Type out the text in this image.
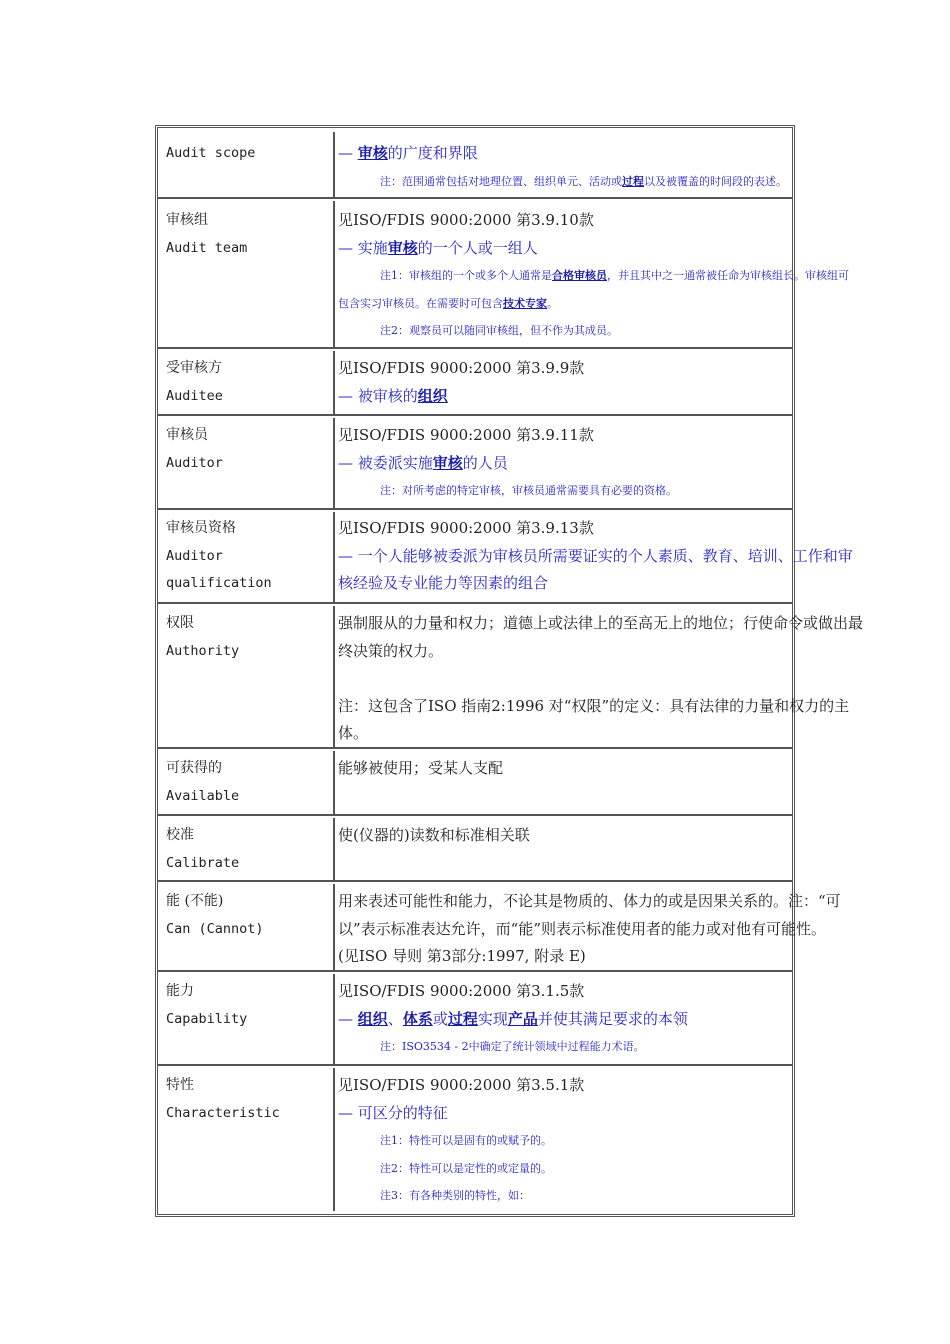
Audit scope	— 审核的广度和界限
注：范围通常包括对地理位置、组织单元、活动或过程以及被覆盖的时间段的表述。
审核组
Audit team
见ISO/FDIS 9000:2000 第3.9.10款
— 实施审核的一个人或一组人
注1：审核组的一个或多个人通常是合格审核员，并且其中之一通常被任命为审核组长。审核组可
包含实习审核员。在需要时可包含技术专家。
注2：观察员可以随同审核组，但不作为其成员。
受审核方
Auditee
见ISO/FDIS 9000:2000 第3.9.9款
— 被审核的组织
审核员
Auditor
见ISO/FDIS 9000:2000 第3.9.11款
— 被委派实施审核的人员
注：对所考虑的特定审核，审核员通常需要具有必要的资格。
审核员资格
Auditor
qualification
见ISO/FDIS 9000:2000 第3.9.13款
— 一个人能够被委派为审核员所需要证实的个人素质、教育、培训、工作和审
核经验及专业能力等因素的组合
权限
Authority
强制服从的力量和权力；道德上或法律上的至高无上的地位；行使命令或做出最
终决策的权力。

注：这包含了ISO 指南2:1996 对“权限”的定义：具有法律的力量和权力的主
体。
可获得的
Available
能够被使用；受某人支配
校准
Calibrate
使(仪器的)读数和标准相关联
能 (不能)
Can (Cannot)
用来表述可能性和能力，不论其是物质的、体力的或是因果关系的。注：“可
以”表示标准表达允许，而“能”则表示标准使用者的能力或对他有可能性。
(见ISO 导则 第3部分:1997, 附录 E)
能力
Capability
见ISO/FDIS 9000:2000 第3.1.5款
— 组织、体系或过程实现产品并使其满足要求的本领
注：ISO3534 - 2中确定了统计领域中过程能力术语。
特性
Characteristic
见ISO/FDIS 9000:2000 第3.5.1款
— 可区分的特征
注1：特性可以是固有的或赋予的。
注2：特性可以是定性的或定量的。
注3：有各种类别的特性，如：
